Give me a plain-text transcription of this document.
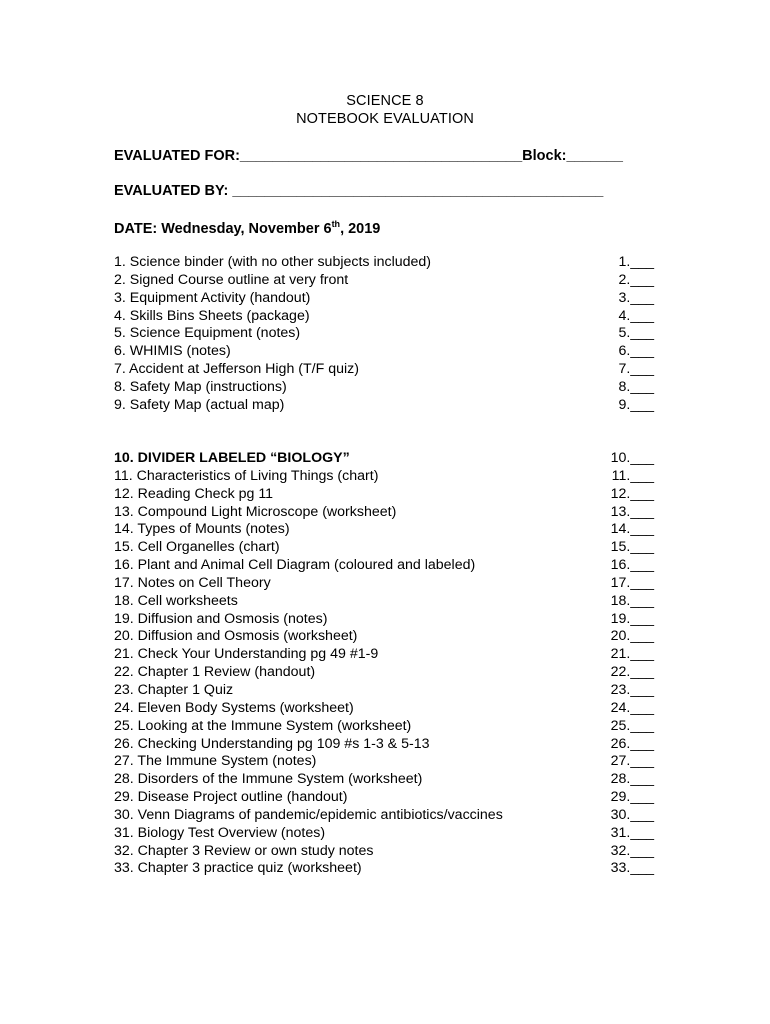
SCIENCE 8
NOTEBOOK EVALUATION
EVALUATED FOR:___________________________________Block:_______
EVALUATED BY: ______________________________________________
DATE: Wednesday, November 6th, 2019
1. Science binder (with no other subjects included)	1.___
2. Signed Course outline at very front	2.___
3. Equipment Activity (handout)	3.___
4. Skills Bins Sheets (package)	4.___
5. Science Equipment (notes)	5.___
6. WHIMIS (notes)	6.___
7. Accident at Jefferson High (T/F quiz)	7.___
8. Safety Map (instructions)	8.___
9. Safety Map (actual map)	9.___
10. DIVIDER LABELED “BIOLOGY”	10.___
11. Characteristics of Living Things (chart)	11.___
12. Reading Check pg 11	12.___
13. Compound Light Microscope (worksheet)	13.___
14. Types of Mounts (notes)	14.___
15. Cell Organelles (chart)	15.___
16. Plant and Animal Cell Diagram (coloured and labeled)	16.___
17. Notes on Cell Theory	17.___
18. Cell worksheets	18.___
19. Diffusion and Osmosis (notes)	19.___
20. Diffusion and Osmosis (worksheet)	20.___
21. Check Your Understanding pg 49 #1-9	21.___
22. Chapter 1 Review (handout)	22.___
23. Chapter 1 Quiz	23.___
24. Eleven Body Systems (worksheet)	24.___
25. Looking at the Immune System (worksheet)	25.___
26. Checking Understanding pg 109 #s 1-3 & 5-13	26.___
27. The Immune System (notes)	27.___
28. Disorders of the Immune System (worksheet)	28.___
29. Disease Project outline (handout)	29.___
30. Venn Diagrams of pandemic/epidemic antibiotics/vaccines	30.___
31. Biology Test Overview (notes)	31.___
32. Chapter 3 Review or own study notes	32.___
33. Chapter 3 practice quiz (worksheet)	33.___
